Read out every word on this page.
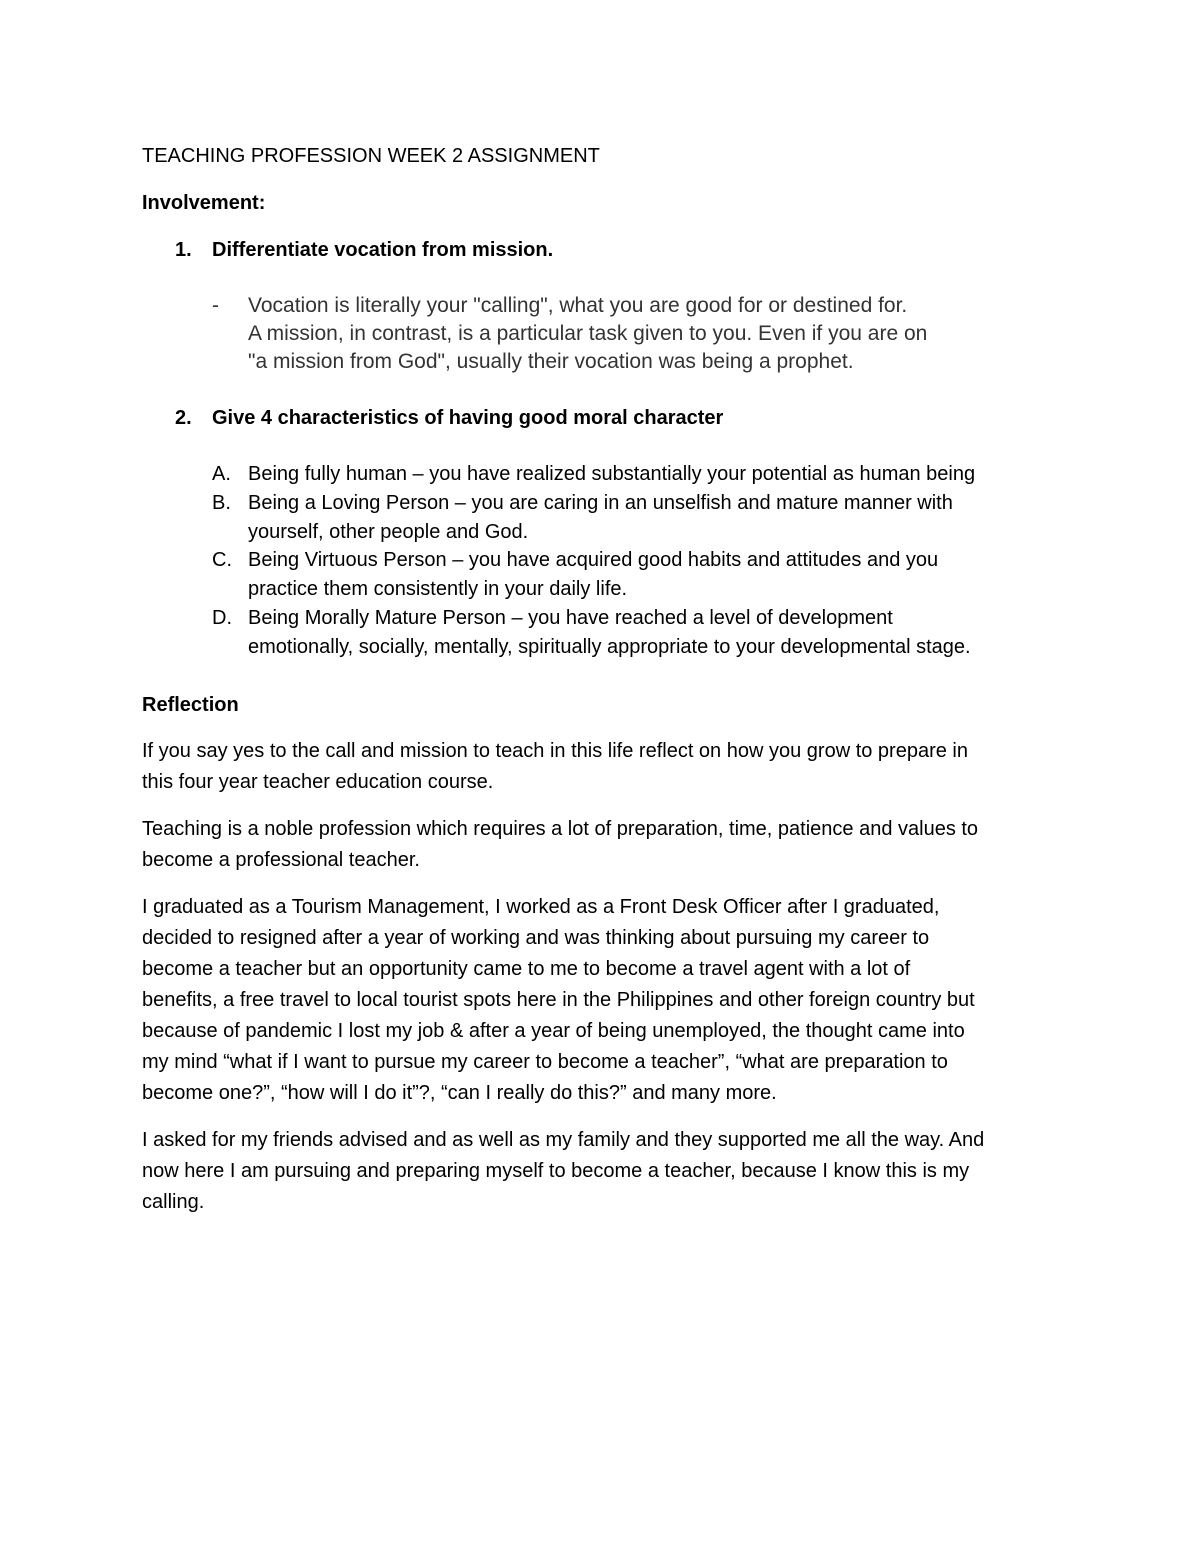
TEACHING PROFESSION WEEK 2 ASSIGNMENT
Involvement:
1. Differentiate vocation from mission.
- Vocation is literally your "calling", what you are good for or destined for.
A mission, in contrast, is a particular task given to you. Even if you are on
"a mission from God", usually their vocation was being a prophet.
2. Give 4 characteristics of having good moral character
A. Being fully human – you have realized substantially your potential as human being
B. Being a Loving Person – you are caring in an unselfish and mature manner with
yourself, other people and God.
C. Being Virtuous Person – you have acquired good habits and attitudes and you
practice them consistently in your daily life.
D. Being Morally Mature Person – you have reached a level of development
emotionally, socially, mentally, spiritually appropriate to your developmental stage.
Reflection
If you say yes to the call and mission to teach in this life reflect on how you grow to prepare in
this four year teacher education course.
Teaching is a noble profession which requires a lot of preparation, time, patience and values to
become a professional teacher.
I graduated as a Tourism Management, I worked as a Front Desk Officer after I graduated,
decided to resigned after a year of working and was thinking about pursuing my career to
become a teacher but an opportunity came to me to become a travel agent with a lot of
benefits, a free travel to local tourist spots here in the Philippines and other foreign country but
because of pandemic I lost my job & after a year of being unemployed, the thought came into
my mind “what if I want to pursue my career to become a teacher”, “what are preparation to
become one?”, “how will I do it”?, “can I really do this?” and many more.
I asked for my friends advised and as well as my family and they supported me all the way. And
now here I am pursuing and preparing myself to become a teacher, because I know this is my
calling.
